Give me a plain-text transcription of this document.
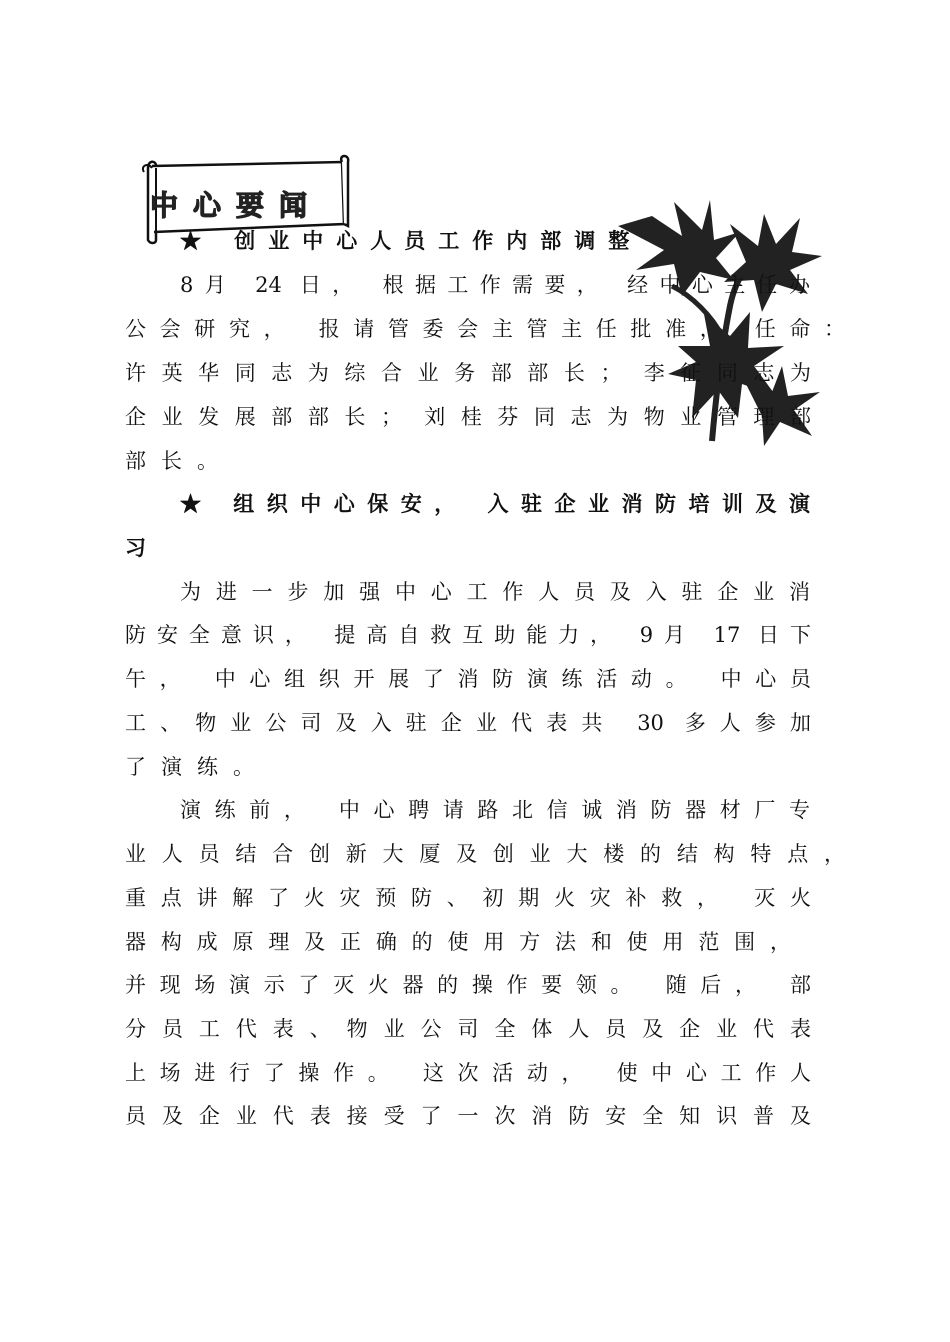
中心要闻
★ 创业中心人员工作内部调整
8月 24 日， 根据工作需要， 经中心主任办
公会研究， 报请管委会主管主任批准， 任命：
许英华同志为综合业务部部长； 李征同志为
企业发展部部长； 刘桂芬同志为物业管理部
部长。
★ 组织中心保安， 入驻企业消防培训及演
习
为进一步加强中心工作人员及入驻企业消
防安全意识， 提高自救互助能力， 9月 17 日下
午， 中心组织开展了消防演练活动。 中心员
工、物业公司及入驻企业代表共 30 多人参加
了演练。
演练前， 中心聘请路北信诚消防器材厂专
业人员结合创新大厦及创业大楼的结构特点，
重点讲解了火灾预防、初期火灾补救， 灭火
器构成原理及正确的使用方法和使用范围，
并现场演示了灭火器的操作要领。 随后， 部
分员工代表、物业公司全体人员及企业代表
上场进行了操作。 这次活动， 使中心工作人
员及企业代表接受了一次消防安全知识普及
